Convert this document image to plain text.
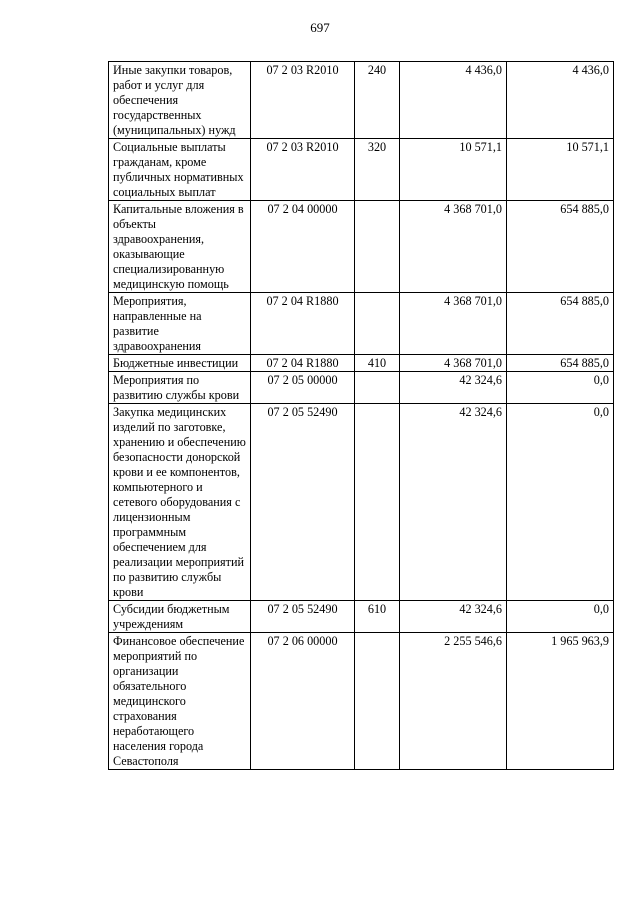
697
Иные закупки товаров, работ и услуг для обеспечения государственных (муниципальных) нужд	07 2 03 R2010	240	4 436,0	4 436,0
Социальные выплаты гражданам, кроме публичных нормативных социальных выплат	07 2 03 R2010	320	10 571,1	10 571,1
Капитальные вложения в объекты здравоохранения, оказывающие специализированную медицинскую помощь	07 2 04 00000		4 368 701,0	654 885,0
Мероприятия, направленные на развитие здравоохранения	07 2 04 R1880		4 368 701,0	654 885,0
Бюджетные инвестиции	07 2 04 R1880	410	4 368 701,0	654 885,0
Мероприятия по развитию службы крови	07 2 05 00000		42 324,6	0,0
Закупка медицинских изделий по заготовке, хранению и обеспечению безопасности донорской крови и ее компонентов, компьютерного и сетевого оборудования с лицензионным программным обеспечением для реализации мероприятий по развитию службы крови	07 2 05 52490		42 324,6	0,0
Субсидии бюджетным учреждениям	07 2 05 52490	610	42 324,6	0,0
Финансовое обеспечение мероприятий по организации обязательного медицинского страхования неработающего населения города Севастополя	07 2 06 00000		2 255 546,6	1 965 963,9
